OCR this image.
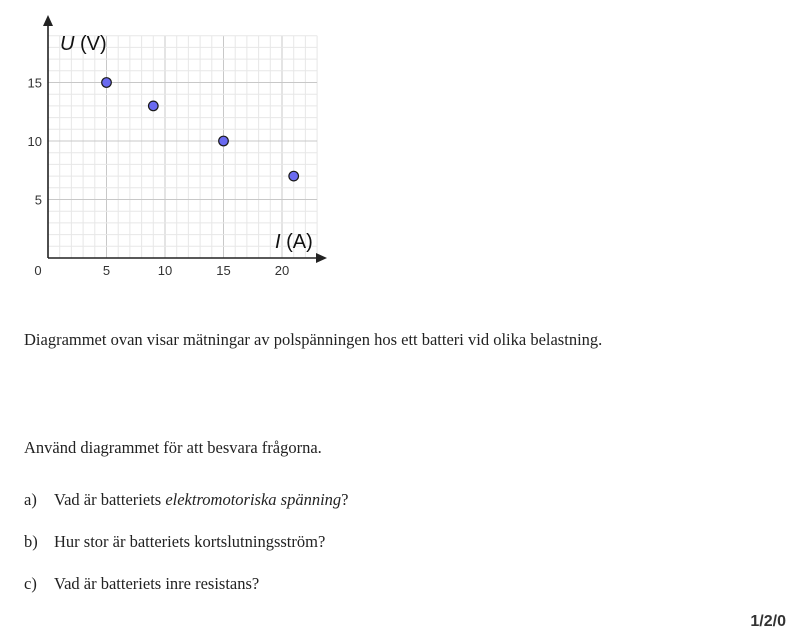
0	5	10	15	20
5
10
15
U (V)
I (A)
Diagrammet ovan visar mätningar av polspänningen hos ett batteri vid olika belastning.
Använd diagrammet för att besvara frågorna.
a) Vad är batteriets elektromotoriska spänning?
b) Hur stor är batteriets kortslutningsström?
c) Vad är batteriets inre resistans?
1/2/0
